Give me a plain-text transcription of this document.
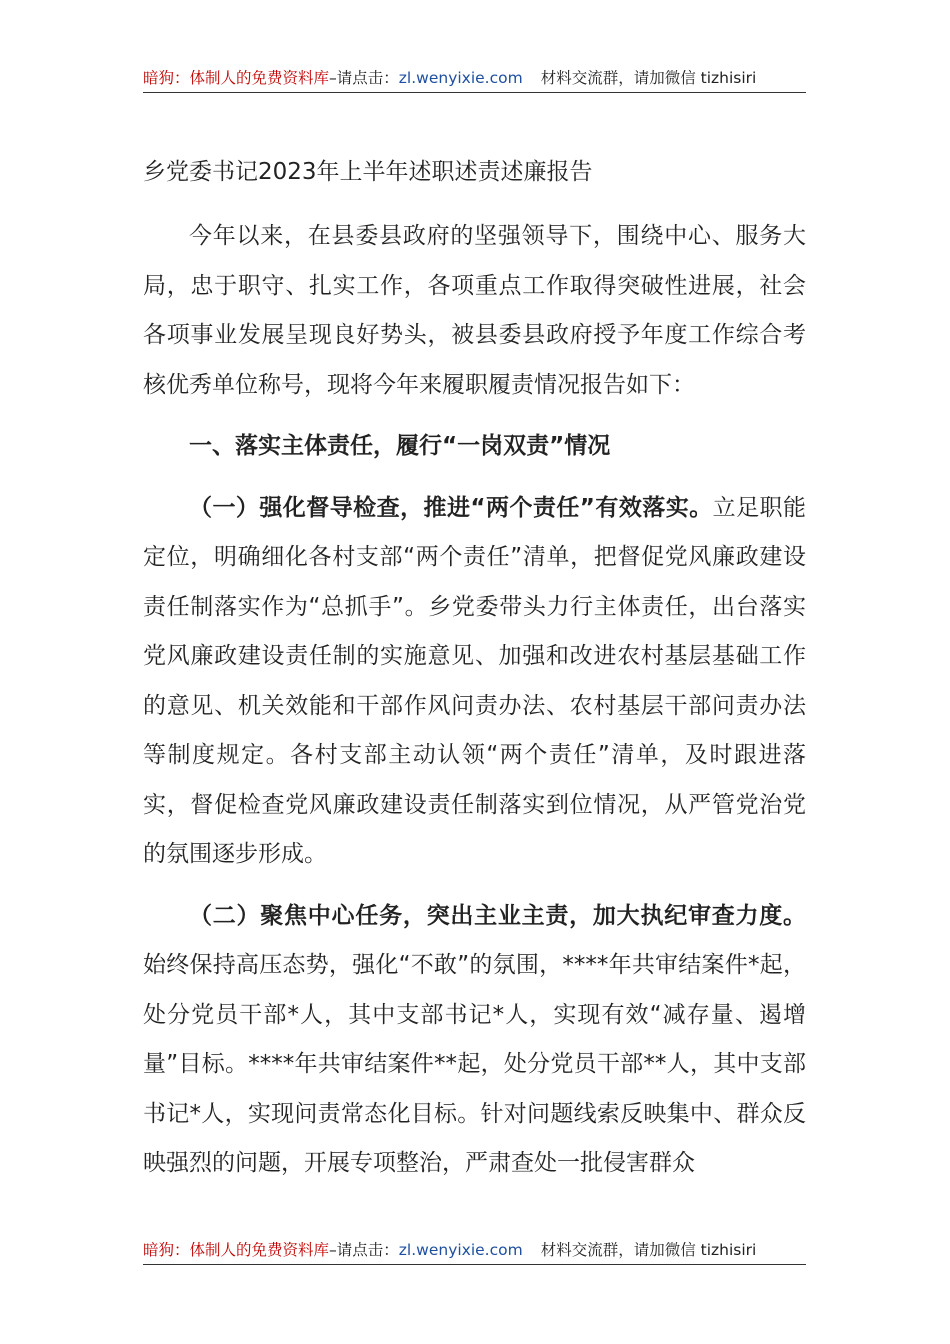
暗狗：体制人的免费资料库–请点击：zl.wenyixie.com 材料交流群，请加微信 tizhisiri
乡党委书记2023年上半年述职述责述廉报告

今年以来，在县委县政府的坚强领导下，围绕中心、服务大局，忠于职守、扎实工作，各项重点工作取得突破性进展，社会各项事业发展呈现良好势头，被县委县政府授予年度工作综合考核优秀单位称号，现将今年来履职履责情况报告如下：

一、落实主体责任，履行“一岗双责”情况

（一）强化督导检查，推进“两个责任”有效落实。立足职能定位，明确细化各村支部“两个责任”清单，把督促党风廉政建设责任制落实作为“总抓手”。乡党委带头力行主体责任，出台落实党风廉政建设责任制的实施意见、加强和改进农村基层基础工作的意见、机关效能和干部作风问责办法、农村基层干部问责办法等制度规定。各村支部主动认领“两个责任”清单，及时跟进落实，督促检查党风廉政建设责任制落实到位情况，从严管党治党的氛围逐步形成。

（二）聚焦中心任务，突出主业主责，加大执纪审查力度。始终保持高压态势，强化“不敢”的氛围，****年共审结案件*起，处分党员干部*人，其中支部书记*人，实现有效“减存量、遏增量”目标。****年共审结案件**起，处分党员干部**人，其中支部书记*人，实现问责常态化目标。针对问题线索反映集中、群众反映强烈的问题，开展专项整治，严肃查处一批侵害群众

暗狗：体制人的免费资料库–请点击：zl.wenyixie.com 材料交流群，请加微信 tizhisiri
